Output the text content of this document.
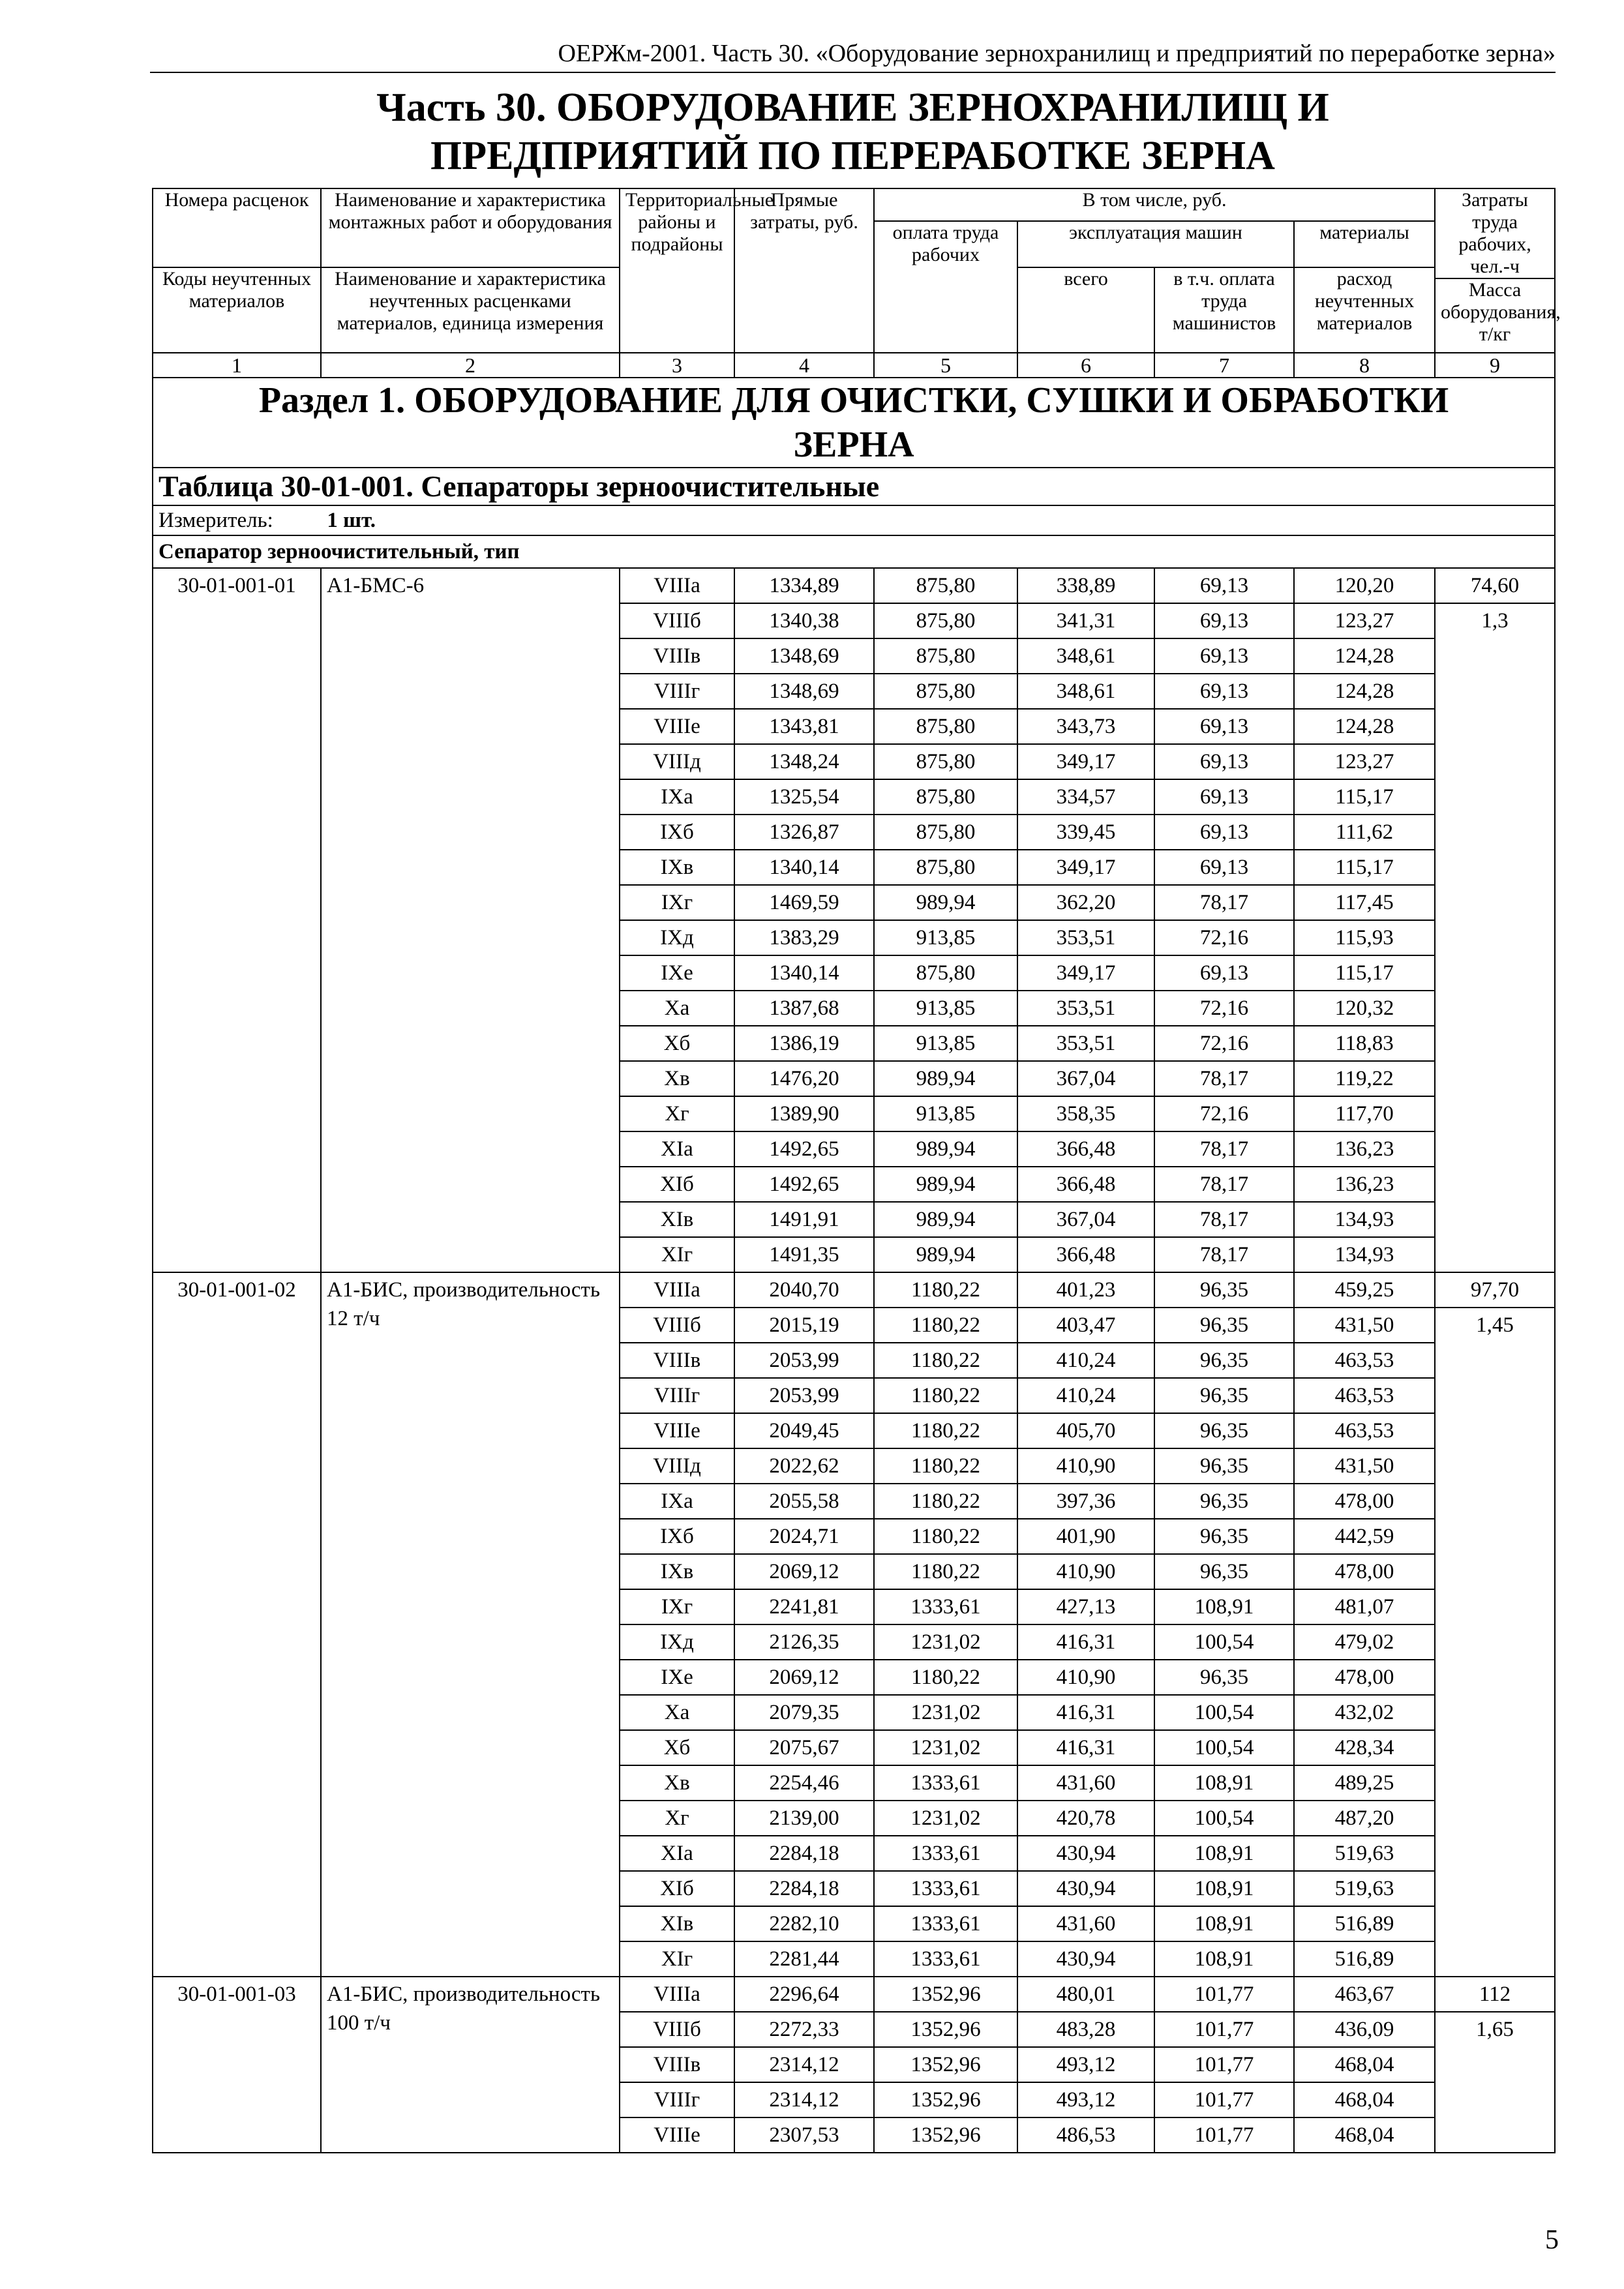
ОЕРЖм-2001. Часть 30. «Оборудование зернохранилищ и предприятий по переработке зерна»
Часть 30. ОБОРУДОВАНИЕ ЗЕРНОХРАНИЛИЩ И
ПРЕДПРИЯТИЙ ПО ПЕРЕРАБОТКЕ ЗЕРНА
Номера расценок	Наименование и характеристика монтажных работ и оборудования	Территориальные районы и подрайоны	Прямые затраты, руб.	В том числе, руб.				Затраты труда рабочих, чел.-ч
				оплата труда рабочих	эксплуатация машин		материалы	
Коды неучтенных материалов	Наименование и характеристика неучтенных расценками материалов, единица измерения				всего	в т.ч. оплата труда машинистов	расход неучтенных материалов	
								Масса оборудования, т/кг
1	2	3	4	5	6	7	8	9
Раздел 1. ОБОРУДОВАНИЕ ДЛЯ ОЧИСТКИ, СУШКИ И ОБРАБОТКИ
ЗЕРНА								
Таблица 30-01-001. Сепараторы зерноочистительные								
Измеритель: 1 шт.								
Сепаратор зерноочистительный, тип								
30-01-001-01	А1-БМС-6	VIIIа	1334,89	875,80	338,89	69,13	120,20	74,60
		VIIIб	1340,38	875,80	341,31	69,13	123,27	1,3
		VIIIв	1348,69	875,80	348,61	69,13	124,28	
		VIIIг	1348,69	875,80	348,61	69,13	124,28	
		VIIIе	1343,81	875,80	343,73	69,13	124,28	
		VIIIд	1348,24	875,80	349,17	69,13	123,27	
		IXа	1325,54	875,80	334,57	69,13	115,17	
		IXб	1326,87	875,80	339,45	69,13	111,62	
		IXв	1340,14	875,80	349,17	69,13	115,17	
		IXг	1469,59	989,94	362,20	78,17	117,45	
		IXд	1383,29	913,85	353,51	72,16	115,93	
		IXе	1340,14	875,80	349,17	69,13	115,17	
		Xа	1387,68	913,85	353,51	72,16	120,32	
		Xб	1386,19	913,85	353,51	72,16	118,83	
		Xв	1476,20	989,94	367,04	78,17	119,22	
		Xг	1389,90	913,85	358,35	72,16	117,70	
		XIа	1492,65	989,94	366,48	78,17	136,23	
		XIб	1492,65	989,94	366,48	78,17	136,23	
		XIв	1491,91	989,94	367,04	78,17	134,93	
		XIг	1491,35	989,94	366,48	78,17	134,93	
30-01-001-02	А1-БИС, производительность 12 т/ч	VIIIа	2040,70	1180,22	401,23	96,35	459,25	97,70
		VIIIб	2015,19	1180,22	403,47	96,35	431,50	1,45
		VIIIв	2053,99	1180,22	410,24	96,35	463,53	
		VIIIг	2053,99	1180,22	410,24	96,35	463,53	
		VIIIе	2049,45	1180,22	405,70	96,35	463,53	
		VIIIд	2022,62	1180,22	410,90	96,35	431,50	
		IXа	2055,58	1180,22	397,36	96,35	478,00	
		IXб	2024,71	1180,22	401,90	96,35	442,59	
		IXв	2069,12	1180,22	410,90	96,35	478,00	
		IXг	2241,81	1333,61	427,13	108,91	481,07	
		IXд	2126,35	1231,02	416,31	100,54	479,02	
		IXе	2069,12	1180,22	410,90	96,35	478,00	
		Xа	2079,35	1231,02	416,31	100,54	432,02	
		Xб	2075,67	1231,02	416,31	100,54	428,34	
		Xв	2254,46	1333,61	431,60	108,91	489,25	
		Xг	2139,00	1231,02	420,78	100,54	487,20	
		XIа	2284,18	1333,61	430,94	108,91	519,63	
		XIб	2284,18	1333,61	430,94	108,91	519,63	
		XIв	2282,10	1333,61	431,60	108,91	516,89	
		XIг	2281,44	1333,61	430,94	108,91	516,89	
30-01-001-03	А1-БИС, производительность 100 т/ч	VIIIа	2296,64	1352,96	480,01	101,77	463,67	112
		VIIIб	2272,33	1352,96	483,28	101,77	436,09	1,65
		VIIIв	2314,12	1352,96	493,12	101,77	468,04	
		VIIIг	2314,12	1352,96	493,12	101,77	468,04	
		VIIIе	2307,53	1352,96	486,53	101,77	468,04	
5
